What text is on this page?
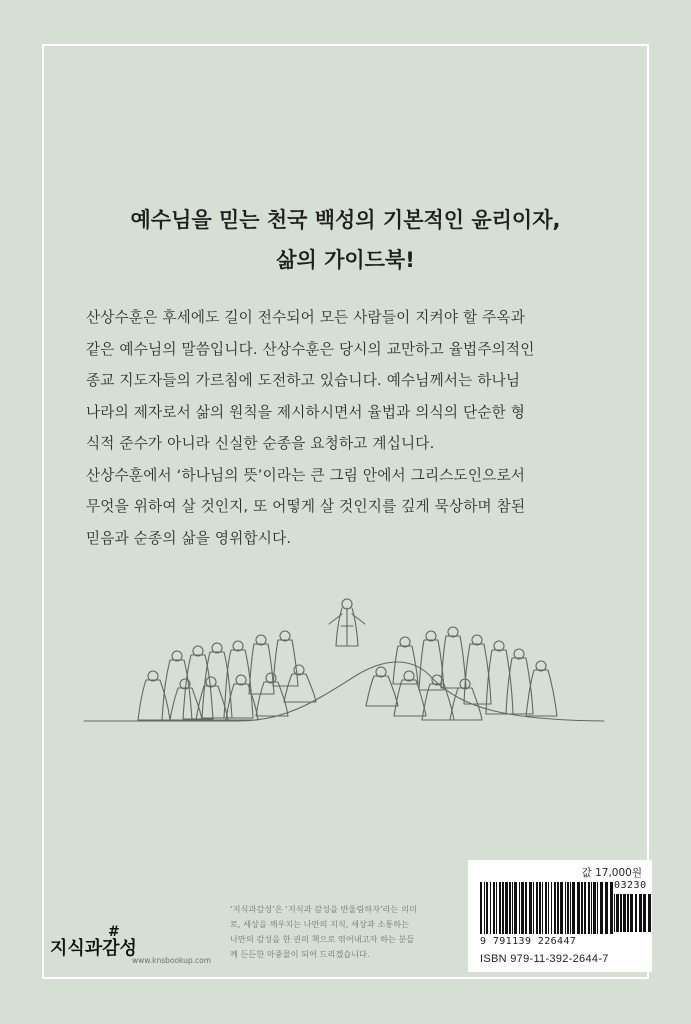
예수님을 믿는 천국 백성의 기본적인 윤리이자,
삶의 가이드북!

산상수훈은 후세에도 길이 전수되어 모든 사람들이 지켜야 할 주옥과
같은 예수님의 말씀입니다. 산상수훈은 당시의 교만하고 율법주의적인
종교 지도자들의 가르침에 도전하고 있습니다. 예수님께서는 하나님
나라의 제자로서 삶의 원칙을 제시하시면서 율법과 의식의 단순한 형
식적 준수가 아니라 신실한 순종을 요청하고 계십니다.

산상수훈에서 ‘하나님의 뜻’이라는 큰 그림 안에서 그리스도인으로서
무엇을 위하여 살 것인지, 또 어떻게 살 것인지를 깊게 묵상하며 참된
믿음과 순종의 삶을 영위합시다.

지식과감성
#
www.knsbookup.com
‘지식과감성’은 ‘지식과 감성을 반울림하자’라는 의미
로, 세상을 깨우치는 나만의 지식, 세상과 소통하는
나만의 감성을 한 권의 책으로 엮어내고자 하는 분들
께 든든한 마중물이 되어 드리겠습니다.
값 17,000원
03230
9 791139 226447
ISBN 979-11-392-2644-7
